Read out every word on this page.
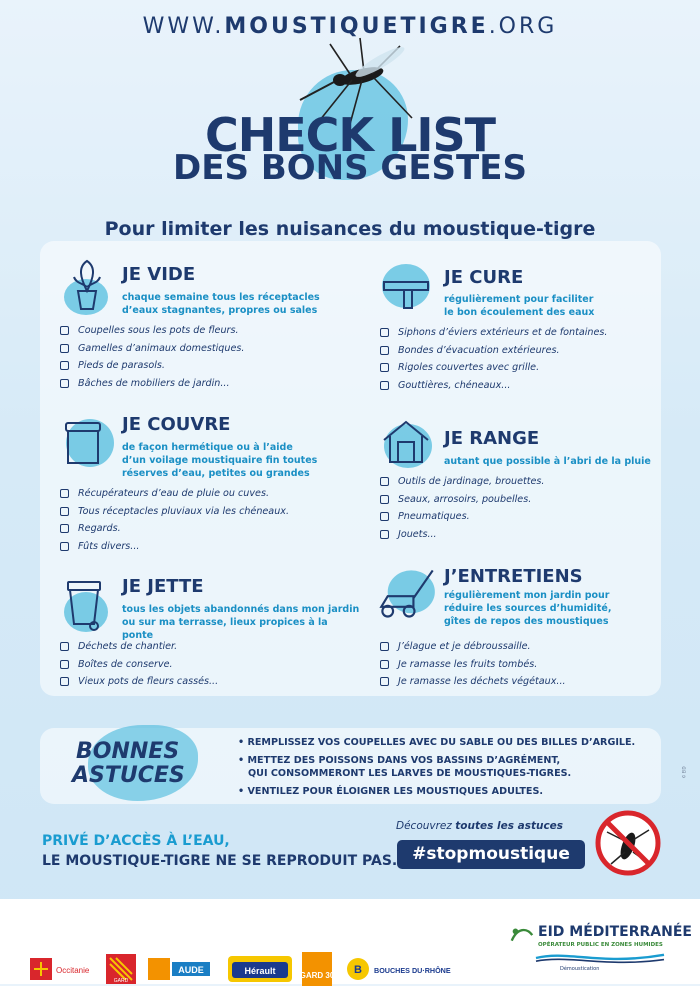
WWW.MOUSTIQUETIGRE.ORG
CHECK LIST
DES BONS GESTES
Pour limiter les nuisances du moustique-tigre
JE VIDE
chaque semaine tous les réceptacles
d’eaux stagnantes, propres ou sales
Coupelles sous les pots de fleurs.
Gamelles d’animaux domestiques.
Pieds de parasols.
Bâches de mobiliers de jardin...
JE CURE
régulièrement pour faciliter
le bon écoulement des eaux
Siphons d’éviers extérieurs et de fontaines.
Bondes d’évacuation extérieures.
Rigoles couvertes avec grille.
Gouttières, chéneaux...
JE COUVRE
de façon hermétique ou à l’aide
d’un voilage moustiquaire fin toutes
réserves d’eau, petites ou grandes
Récupérateurs d’eau de pluie ou cuves.
Tous réceptacles pluviaux via les chéneaux.
Regards.
Fûts divers...
JE RANGE
autant que possible à l’abri de la pluie
Outils de jardinage, brouettes.
Seaux, arrosoirs, poubelles.
Pneumatiques.
Jouets...
JE JETTE
tous les objets abandonnés dans mon jardin
ou sur ma terrasse, lieux propices à la ponte
Déchets de chantier.
Boîtes de conserve.
Vieux pots de fleurs cassés...
J’ENTRETIENS
régulièrement mon jardin pour
réduire les sources d’humidité,
gîtes de repos des moustiques
J’élague et je débroussaille.
Je ramasse les fruits tombés.
Je ramasse les déchets végétaux...
BONNES
ASTUCES
• REMPLISSEZ VOS COUPELLES AVEC DU SABLE OU DES BILLES D’ARGILE.
• METTEZ DES POISSONS DANS VOS BASSINS D’AGRÉMENT,
QUI CONSOMMERONT LES LARVES DE MOUSTIQUES-TIGRES.
• VENTILEZ POUR ÉLOIGNER LES MOUSTIQUES ADULTES.
© EID
PRIVÉ D’ACCÈS À L’EAU,
LE MOUSTIQUE-TIGRE NE SE REPRODUIT PAS.
Découvrez toutes les astuces
#stopmoustique
Occitanie
GARD
AUDE	Hérault	GARD 30 B BOUCHES DU·RHÔNE
EID MÉDITERRANÉE
OPÉRATEUR PUBLIC EN ZONES HUMIDES
Démoustication
